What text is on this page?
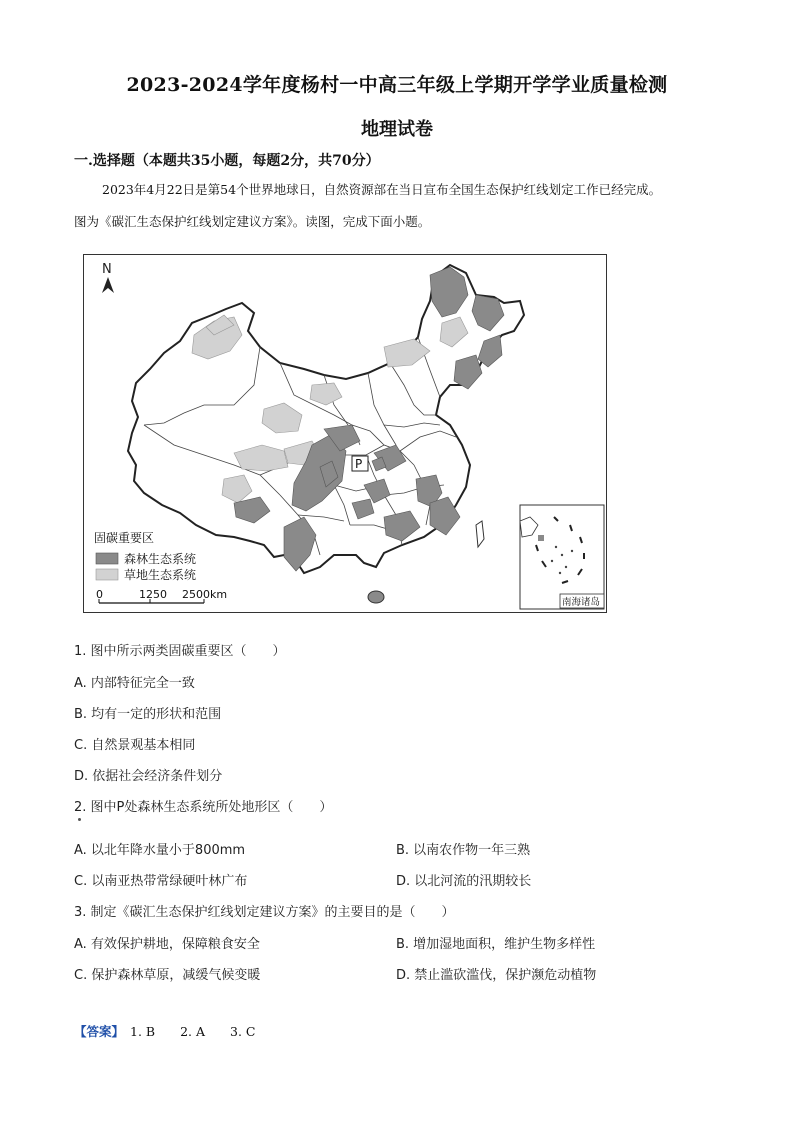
2023-2024学年度杨村一中高三年级上学期开学学业质量检测
地理试卷
一.选择题（本题共35小题，每题2分，共70分）
2023年4月22日是第54个世界地球日，自然资源部在当日宣布全国生态保护红线划定工作已经完成。
图为《碳汇生态保护红线划定建议方案》。读图，完成下面小题。
N
P
固碳重要区
森林生态系统
草地生态系统
0	1250 2500km
南海诸岛
1. 图中所示两类固碳重要区（　　）
A. 内部特征完全一致
B. 均有一定的形状和范围
C. 自然景观基本相同
D. 依据社会经济条件划分
2. 图中P处森林生态系统所处地形区（　　）
A. 以北年降水量小于800mm	B. 以南农作物一年三熟
C. 以南亚热带常绿硬叶林广布	D. 以北河流的汛期较长
3. 制定《碳汇生态保护红线划定建议方案》的主要目的是（　　）
A. 有效保护耕地，保障粮食安全	B. 增加湿地面积，维护生物多样性
C. 保护森林草原，减缓气候变暖	D. 禁止滥砍滥伐，保护濒危动植物
【答案】 1. B　　2. A　　3. C
